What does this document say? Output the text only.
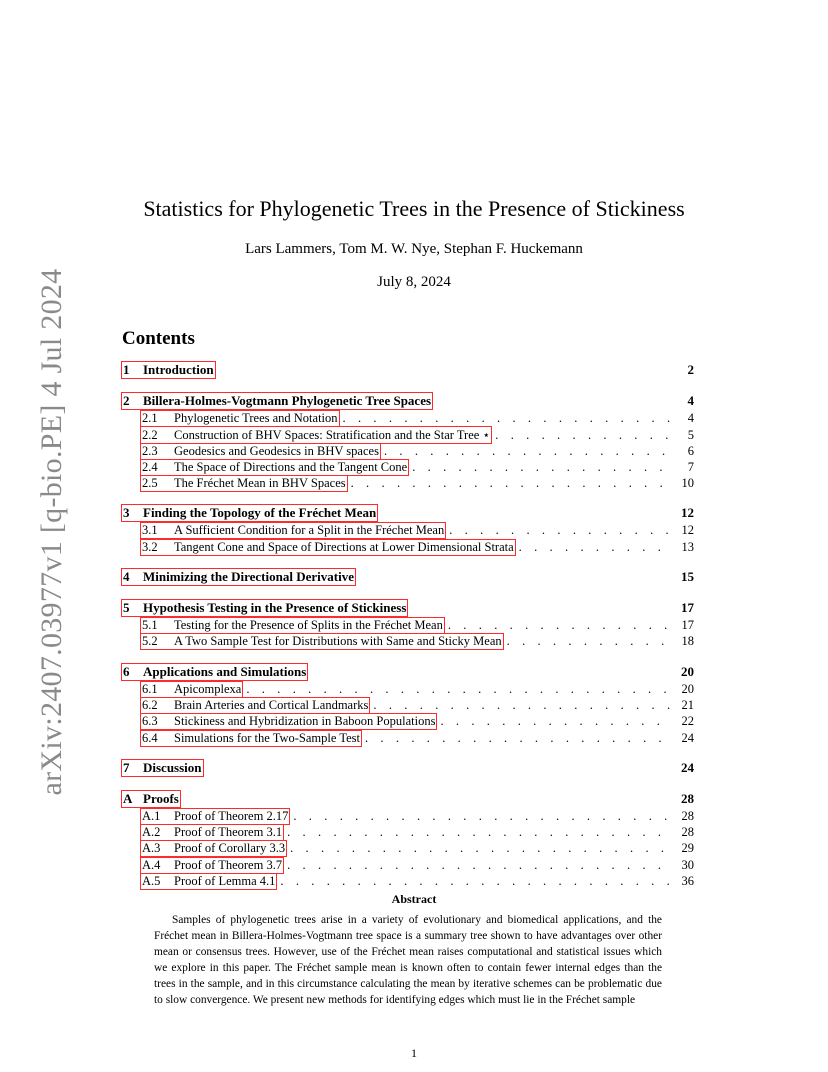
arXiv:2407.03977v1 [q-bio.PE] 4 Jul 2024
Statistics for Phylogenetic Trees in the Presence of Stickiness
Lars Lammers, Tom M. W. Nye, Stephan F. Huckemann
July 8, 2024
Contents
1 Introduction	2
2 Billera-Holmes-Vogtmann Phylogenetic Tree Spaces	4
2.1 Phylogenetic Trees and Notation . . .	4
2.2 Construction of BHV Spaces: Stratification and the Star Tree ⋆ . . .	5
2.3 Geodesics and Geodesics in BHV spaces . . .	6
2.4 The Space of Directions and the Tangent Cone . . .	7
2.5 The Fréchet Mean in BHV Spaces . . .	10
3 Finding the Topology of the Fréchet Mean	12
3.1 A Sufficient Condition for a Split in the Fréchet Mean . . .	12
3.2 Tangent Cone and Space of Directions at Lower Dimensional Strata . . .	13
4 Minimizing the Directional Derivative	15
5 Hypothesis Testing in the Presence of Stickiness	17
5.1 Testing for the Presence of Splits in the Fréchet Mean . . .	17
5.2 A Two Sample Test for Distributions with Same and Sticky Mean . . .	18
6 Applications and Simulations	20
6.1 Apicomplexa . . .	20
6.2 Brain Arteries and Cortical Landmarks . . .	21
6.3 Stickiness and Hybridization in Baboon Populations . . .	22
6.4 Simulations for the Two-Sample Test . . .	24
7 Discussion	24
A Proofs	28
A.1 Proof of Theorem 2.17 . . .	28
A.2 Proof of Theorem 3.1 . . .	28
A.3 Proof of Corollary 3.3 . . .	29
A.4 Proof of Theorem 3.7 . . .	30
A.5 Proof of Lemma 4.1 . . .	36
Abstract
Samples of phylogenetic trees arise in a variety of evolutionary and biomedical applications, and the Fréchet mean in Billera-Holmes-Vogtmann tree space is a summary tree shown to have advantages over other mean or consensus trees. However, use of the Fréchet mean raises computational and statistical issues which we explore in this paper. The Fréchet sample mean is known often to contain fewer internal edges than the trees in the sample, and in this circumstance calculating the mean by iterative schemes can be problematic due to slow convergence. We present new methods for identifying edges which must lie in the Fréchet sample
1
